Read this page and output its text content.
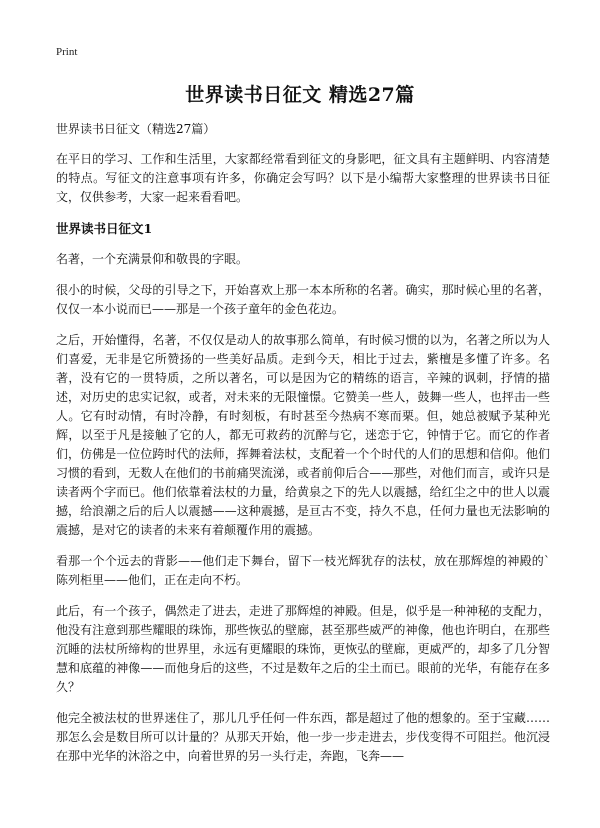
Print
世界读书日征文 精选27篇

世界读书日征文（精选27篇）

在平日的学习、工作和生活里，大家都经常看到征文的身影吧，征文具有主题鲜明、内容清楚的特点。写征文的注意事项有许多，你确定会写吗？以下是小编帮大家整理的世界读书日征文，仅供参考，大家一起来看看吧。

世界读书日征文1

名著，一个充满景仰和敬畏的字眼。

很小的时候，父母的引导之下，开始喜欢上那一本本所称的名著。确实，那时候心里的名著，仅仅一本小说而已——那是一个孩子童年的金色花边。

之后，开始懂得，名著，不仅仅是动人的故事那么简单，有时候习惯的以为，名著之所以为人们喜爱，无非是它所赞扬的一些美好品质。走到今天，相比于过去，紫檀是多懂了许多。名著，没有它的一贯特质，之所以著名，可以是因为它的精练的语言，辛辣的讽刺，抒情的描述，对历史的忠实记叙，或者，对未来的无限憧憬。它赞美一些人，鼓舞一些人，也抨击一些人。它有时动情，有时冷静，有时刻板，有时甚至今热病不寒而栗。但，她总被赋予某种光辉，以至于凡是接触了它的人，都无可救药的沉醉与它，迷恋于它，钟情于它。而它的作者们，仿佛是一位位跨时代的法师，挥舞着法杖，支配着一个个时代的人们的思想和信仰。他们习惯的看到，无数人在他们的书前痛哭流涕，或者前仰后合——那些，对他们而言，或许只是读者两个字而已。他们依靠着法杖的力量，给黄泉之下的先人以震撼，给红尘之中的世人以震撼，给浪潮之后的后人以震撼——这种震撼，是亘古不变，持久不息，任何力量也无法影响的震撼，是对它的读者的未来有着颠覆作用的震撼。

看那一个个远去的背影——他们走下舞台，留下一枝光辉犹存的法杖，放在那辉煌的神殿的`陈列柜里——他们，正在走向不朽。

此后，有一个孩子，偶然走了进去，走进了那辉煌的神殿。但是，似乎是一种神秘的支配力，他没有注意到那些耀眼的珠饰，那些恢弘的壁廊，甚至那些威严的神像，他也许明白，在那些沉睡的法杖所缔构的世界里，永远有更耀眼的珠饰，更恢弘的壁廊，更威严的，却多了几分智慧和底蕴的神像——而他身后的这些，不过是数年之后的尘土而已。眼前的光华，有能存在多久？

他完全被法杖的世界迷住了，那儿几乎任何一件东西，都是超过了他的想象的。至于宝藏……那怎么会是数目所可以计量的？从那天开始，他一步一步走进去，步伐变得不可阻拦。他沉浸在那中光华的沐浴之中，向着世界的另一头行走，奔跑，飞奔——
